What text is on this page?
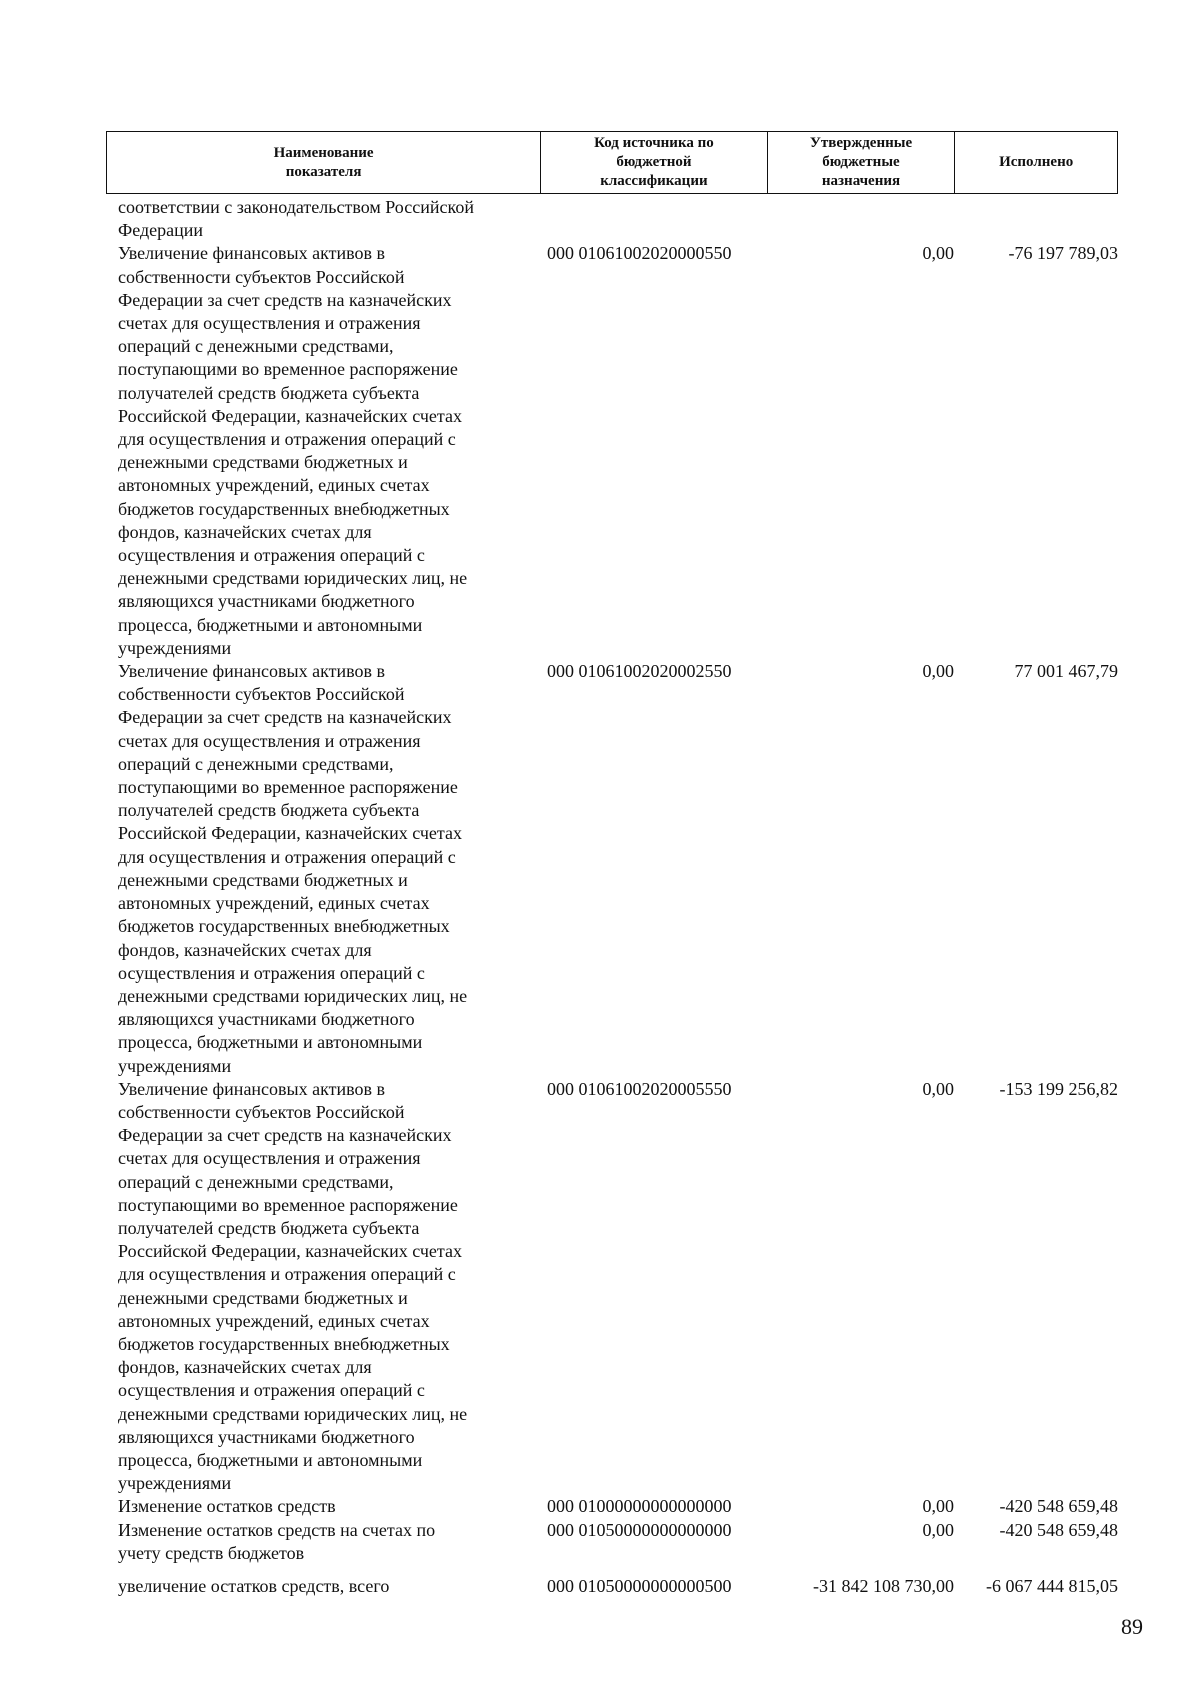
Наименование
показателя
Код источника по
бюджетной
классификации
Утвержденные
бюджетные
назначения
Исполнено
соответствии с законодательством Российской
Федерации
Увеличение финансовых активов в
собственности субъектов Российской
Федерации за счет средств на казначейских
счетах для осуществления и отражения
операций с денежными средствами,
поступающими во временное распоряжение
получателей средств бюджета субъекта
Российской Федерации, казначейских счетах
для осуществления и отражения операций с
денежными средствами бюджетных и
автономных учреждений, единых счетах
бюджетов государственных внебюджетных
фондов, казначейских счетах для
осуществления и отражения операций с
денежными средствами юридических лиц, не
являющихся участниками бюджетного
процесса, бюджетными и автономными
учреждениями
000 01061002020000550	0,00	-76 197 789,03
Увеличение финансовых активов в
собственности субъектов Российской
Федерации за счет средств на казначейских
счетах для осуществления и отражения
операций с денежными средствами,
поступающими во временное распоряжение
получателей средств бюджета субъекта
Российской Федерации, казначейских счетах
для осуществления и отражения операций с
денежными средствами бюджетных и
автономных учреждений, единых счетах
бюджетов государственных внебюджетных
фондов, казначейских счетах для
осуществления и отражения операций с
денежными средствами юридических лиц, не
являющихся участниками бюджетного
процесса, бюджетными и автономными
учреждениями
000 01061002020002550	0,00	77 001 467,79
Увеличение финансовых активов в
собственности субъектов Российской
Федерации за счет средств на казначейских
счетах для осуществления и отражения
операций с денежными средствами,
поступающими во временное распоряжение
получателей средств бюджета субъекта
Российской Федерации, казначейских счетах
для осуществления и отражения операций с
денежными средствами бюджетных и
автономных учреждений, единых счетах
бюджетов государственных внебюджетных
фондов, казначейских счетах для
осуществления и отражения операций с
денежными средствами юридических лиц, не
являющихся участниками бюджетного
процесса, бюджетными и автономными
учреждениями
000 01061002020005550	0,00	-153 199 256,82
Изменение остатков средств	000 01000000000000000	0,00	-420 548 659,48
Изменение остатков средств на счетах по
учету средств бюджетов
000 01050000000000000	0,00	-420 548 659,48
увеличение остатков средств, всего	000 01050000000000500	-31 842 108 730,00	-6 067 444 815,05
89
